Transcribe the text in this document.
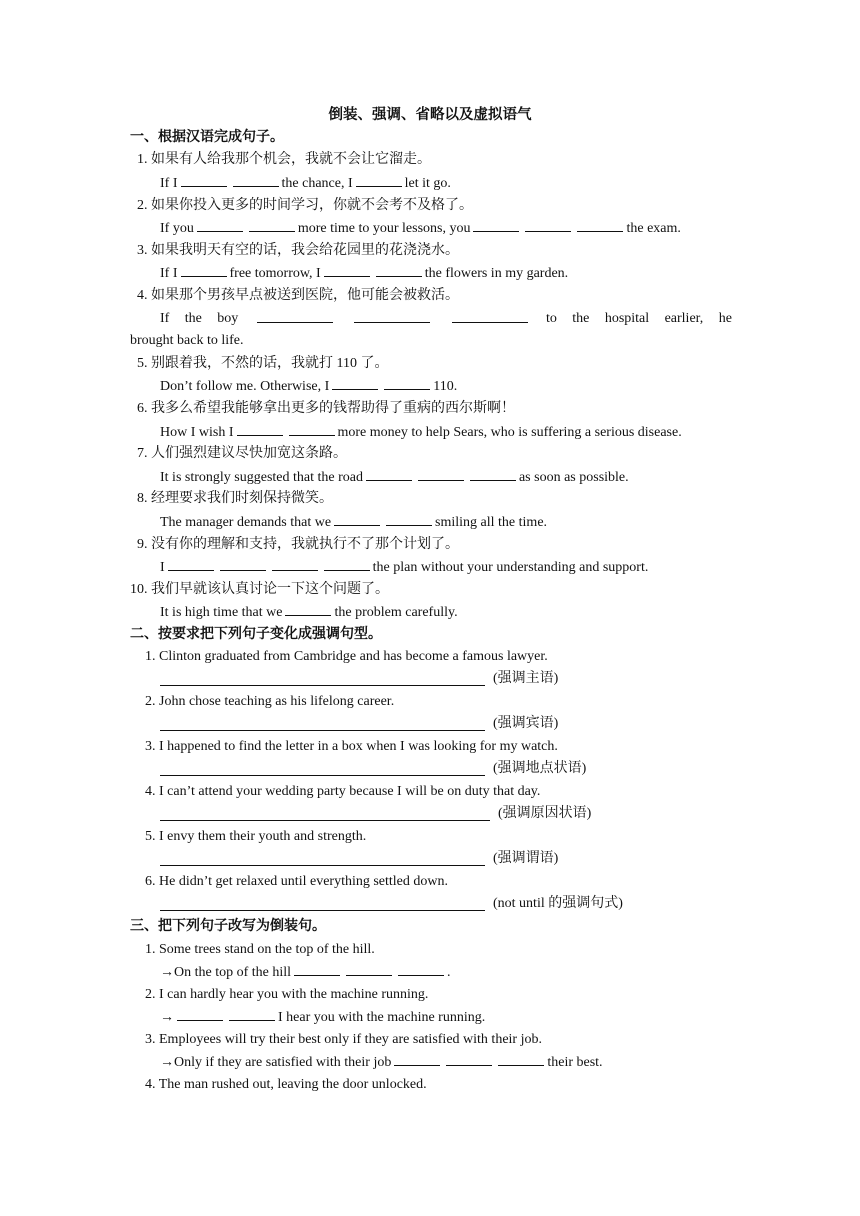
倒装、强调、省略以及虚拟语气
一、根据汉语完成句子。
1. 如果有人给我那个机会，我就不会让它溜走。
If I	the chance, I	let it go.
2. 如果你投入更多的时间学习，你就不会考不及格了。
If you	more time to your lessons, you	the exam.
3. 如果我明天有空的话，我会给花园里的花浇浇水。
If I	free tomorrow, I	the flowers in my garden.
4. 如果那个男孩早点被送到医院，他可能会被救活。
If the boy	to the hospital earlier, he
brought back to life.
5. 别跟着我，不然的话，我就打 110 了。
Don’t follow me. Otherwise, I	110.
6. 我多么希望我能够拿出更多的钱帮助得了重病的西尔斯啊！
How I wish I	more money to help Sears, who is suffering a serious disease.
7. 人们强烈建议尽快加宽这条路。
It is strongly suggested that the road	as soon as possible.
8. 经理要求我们时刻保持微笑。
The manager demands that we	smiling all the time.
9. 没有你的理解和支持，我就执行不了那个计划了。
I	the plan without your understanding and support.
10. 我们早就该认真讨论一下这个问题了。
It is high time that we	the problem carefully.
二、按要求把下列句子变化成强调句型。
1. Clinton graduated from Cambridge and has become a famous lawyer.
(强调主语)
2. John chose teaching as his lifelong career.
(强调宾语)
3. I happened to find the letter in a box when I was looking for my watch.
(强调地点状语)
4. I can’t attend your wedding party because I will be on duty that day.
(强调原因状语)
5. I envy them their youth and strength.
(强调谓语)
6. He didn’t get relaxed until everything settled down.
(not until 的强调句式)
三、把下列句子改写为倒装句。
1. Some trees stand on the top of the hill.
→On the top of the hill	.
2. I can hardly hear you with the machine running.
→	I hear you with the machine running.
3. Employees will try their best only if they are satisfied with their job.
→Only if they are satisfied with their job	their best.
4. The man rushed out, leaving the door unlocked.
